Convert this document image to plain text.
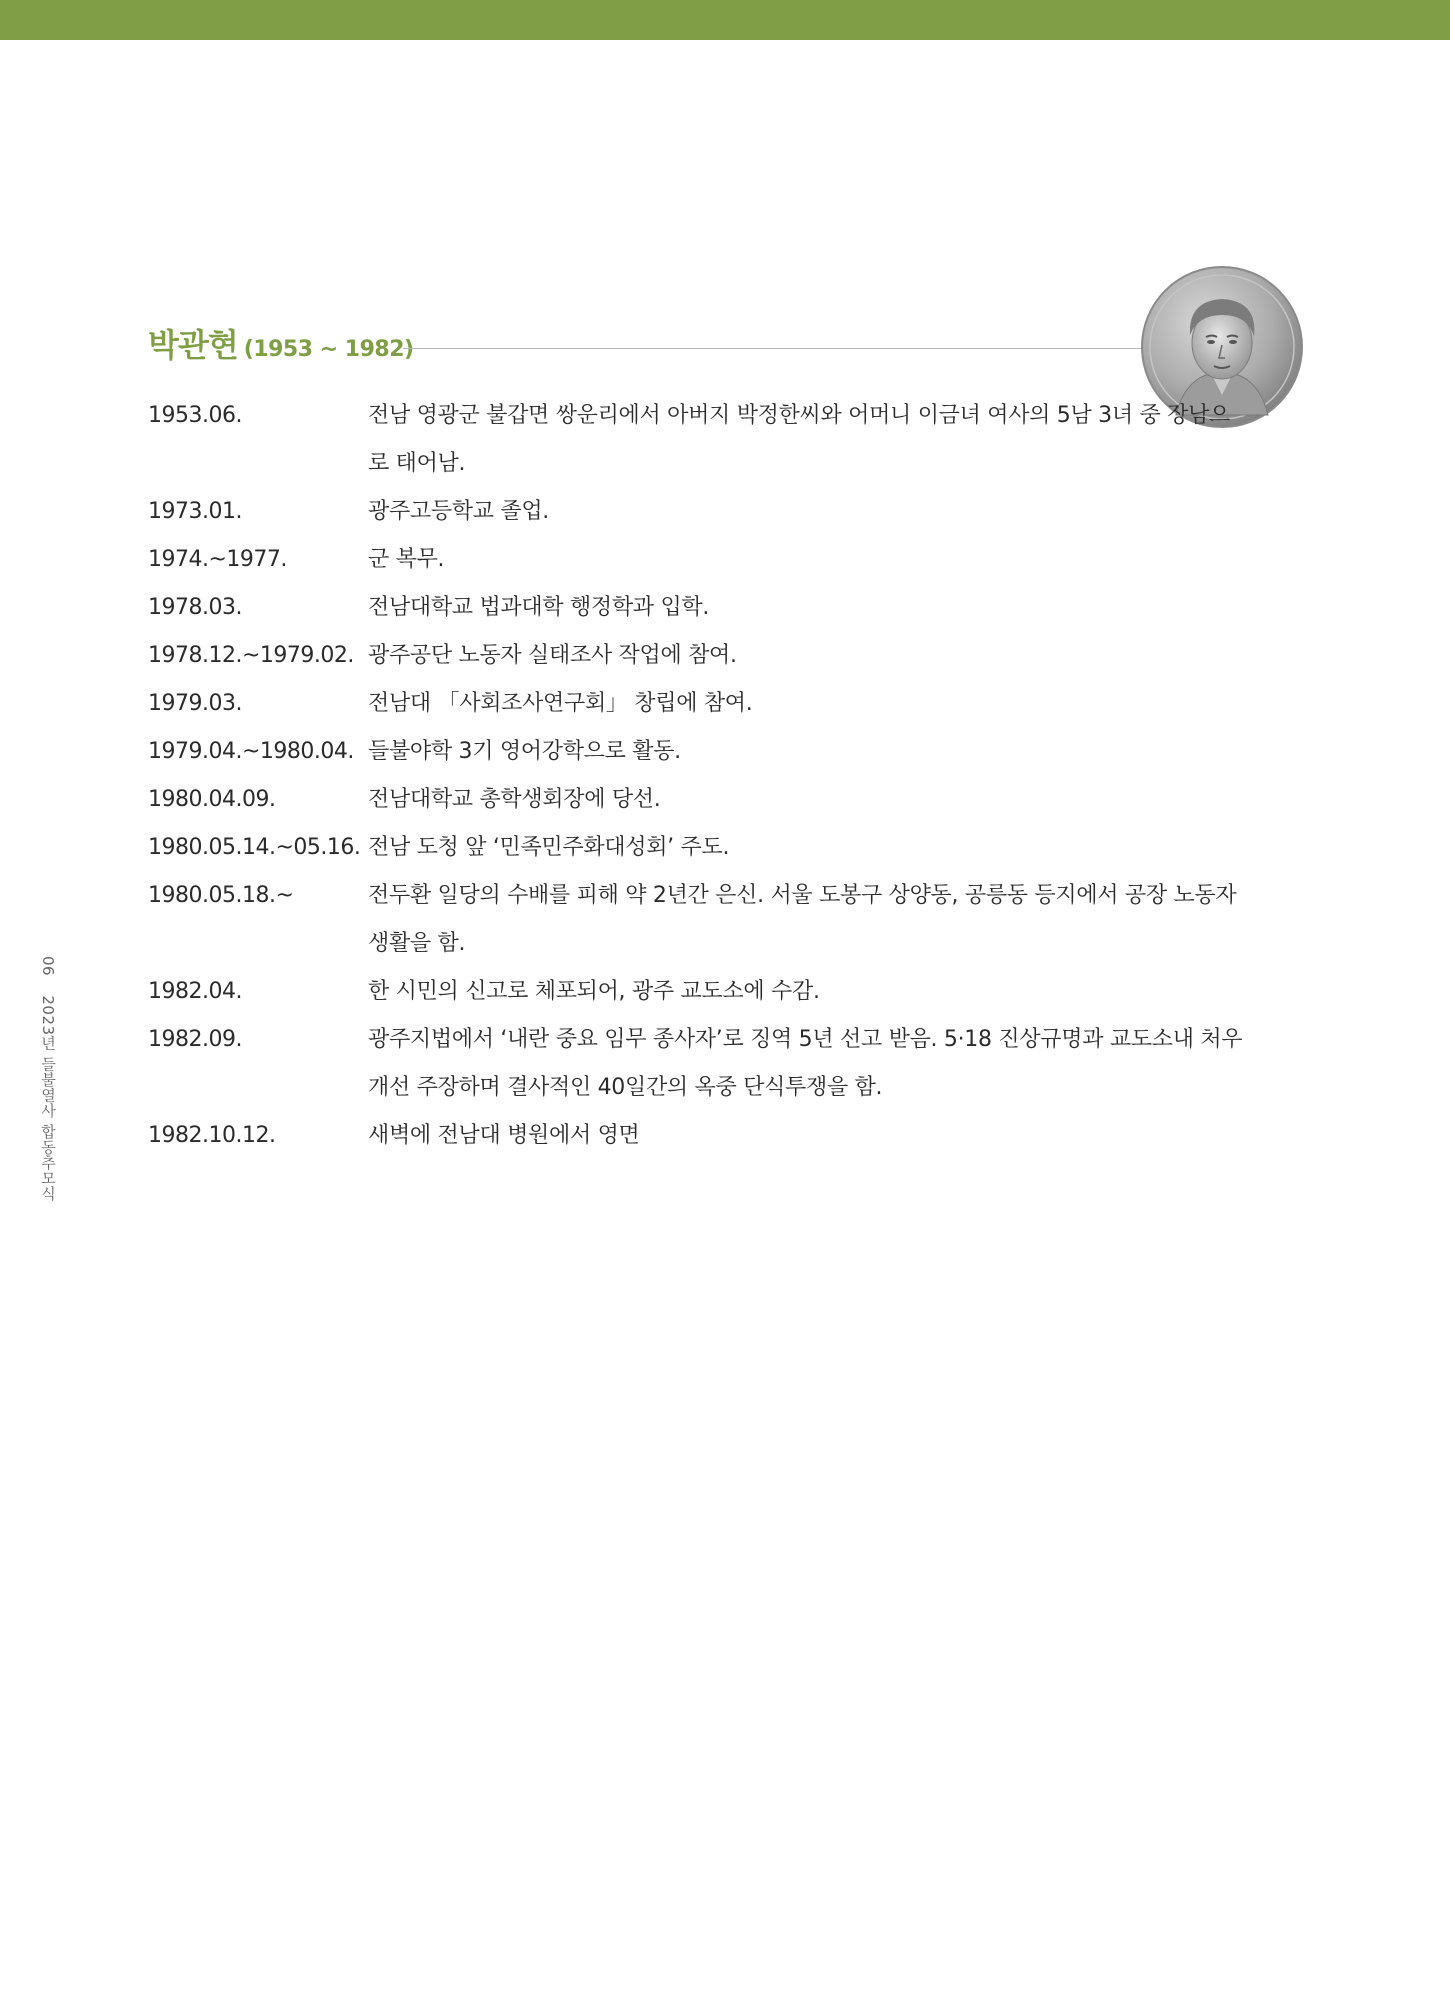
박관현 (1953 ~ 1982)
1953.06.	전남 영광군 불갑면 쌍운리에서 아버지 박정한씨와 어머니 이금녀 여사의 5남 3녀 중 장남으로 태어남.
1973.01.	광주고등학교 졸업.
1974.~1977.	군 복무.
1978.03.	전남대학교 법과대학 행정학과 입학.
1978.12.~1979.02. 광주공단 노동자 실태조사 작업에 참여.
1979.03.	전남대 「사회조사연구회」 창립에 참여.
1979.04.~1980.04. 들불야학 3기 영어강학으로 활동.
1980.04.09.	전남대학교 총학생회장에 당선.
1980.05.14.~05.16. 전남 도청 앞 ‘민족민주화대성회’ 주도.
1980.05.18.~	전두환 일당의 수배를 피해 약 2년간 은신. 서울 도봉구 상양동, 공릉동 등지에서 공장 노동자 생활을 함.
1982.04.	한 시민의 신고로 체포되어, 광주 교도소에 수감.
1982.09.	광주지법에서 ‘내란 중요 임무 종사자’로 징역 5년 선고 받음. 5·18 진상규명과 교도소내 처우 개선 주장하며 결사적인 40일간의 옥중 단식투쟁을 함.
1982.10.12.	새벽에 전남대 병원에서 영면
06 2023년 들불열사 합동추모식
